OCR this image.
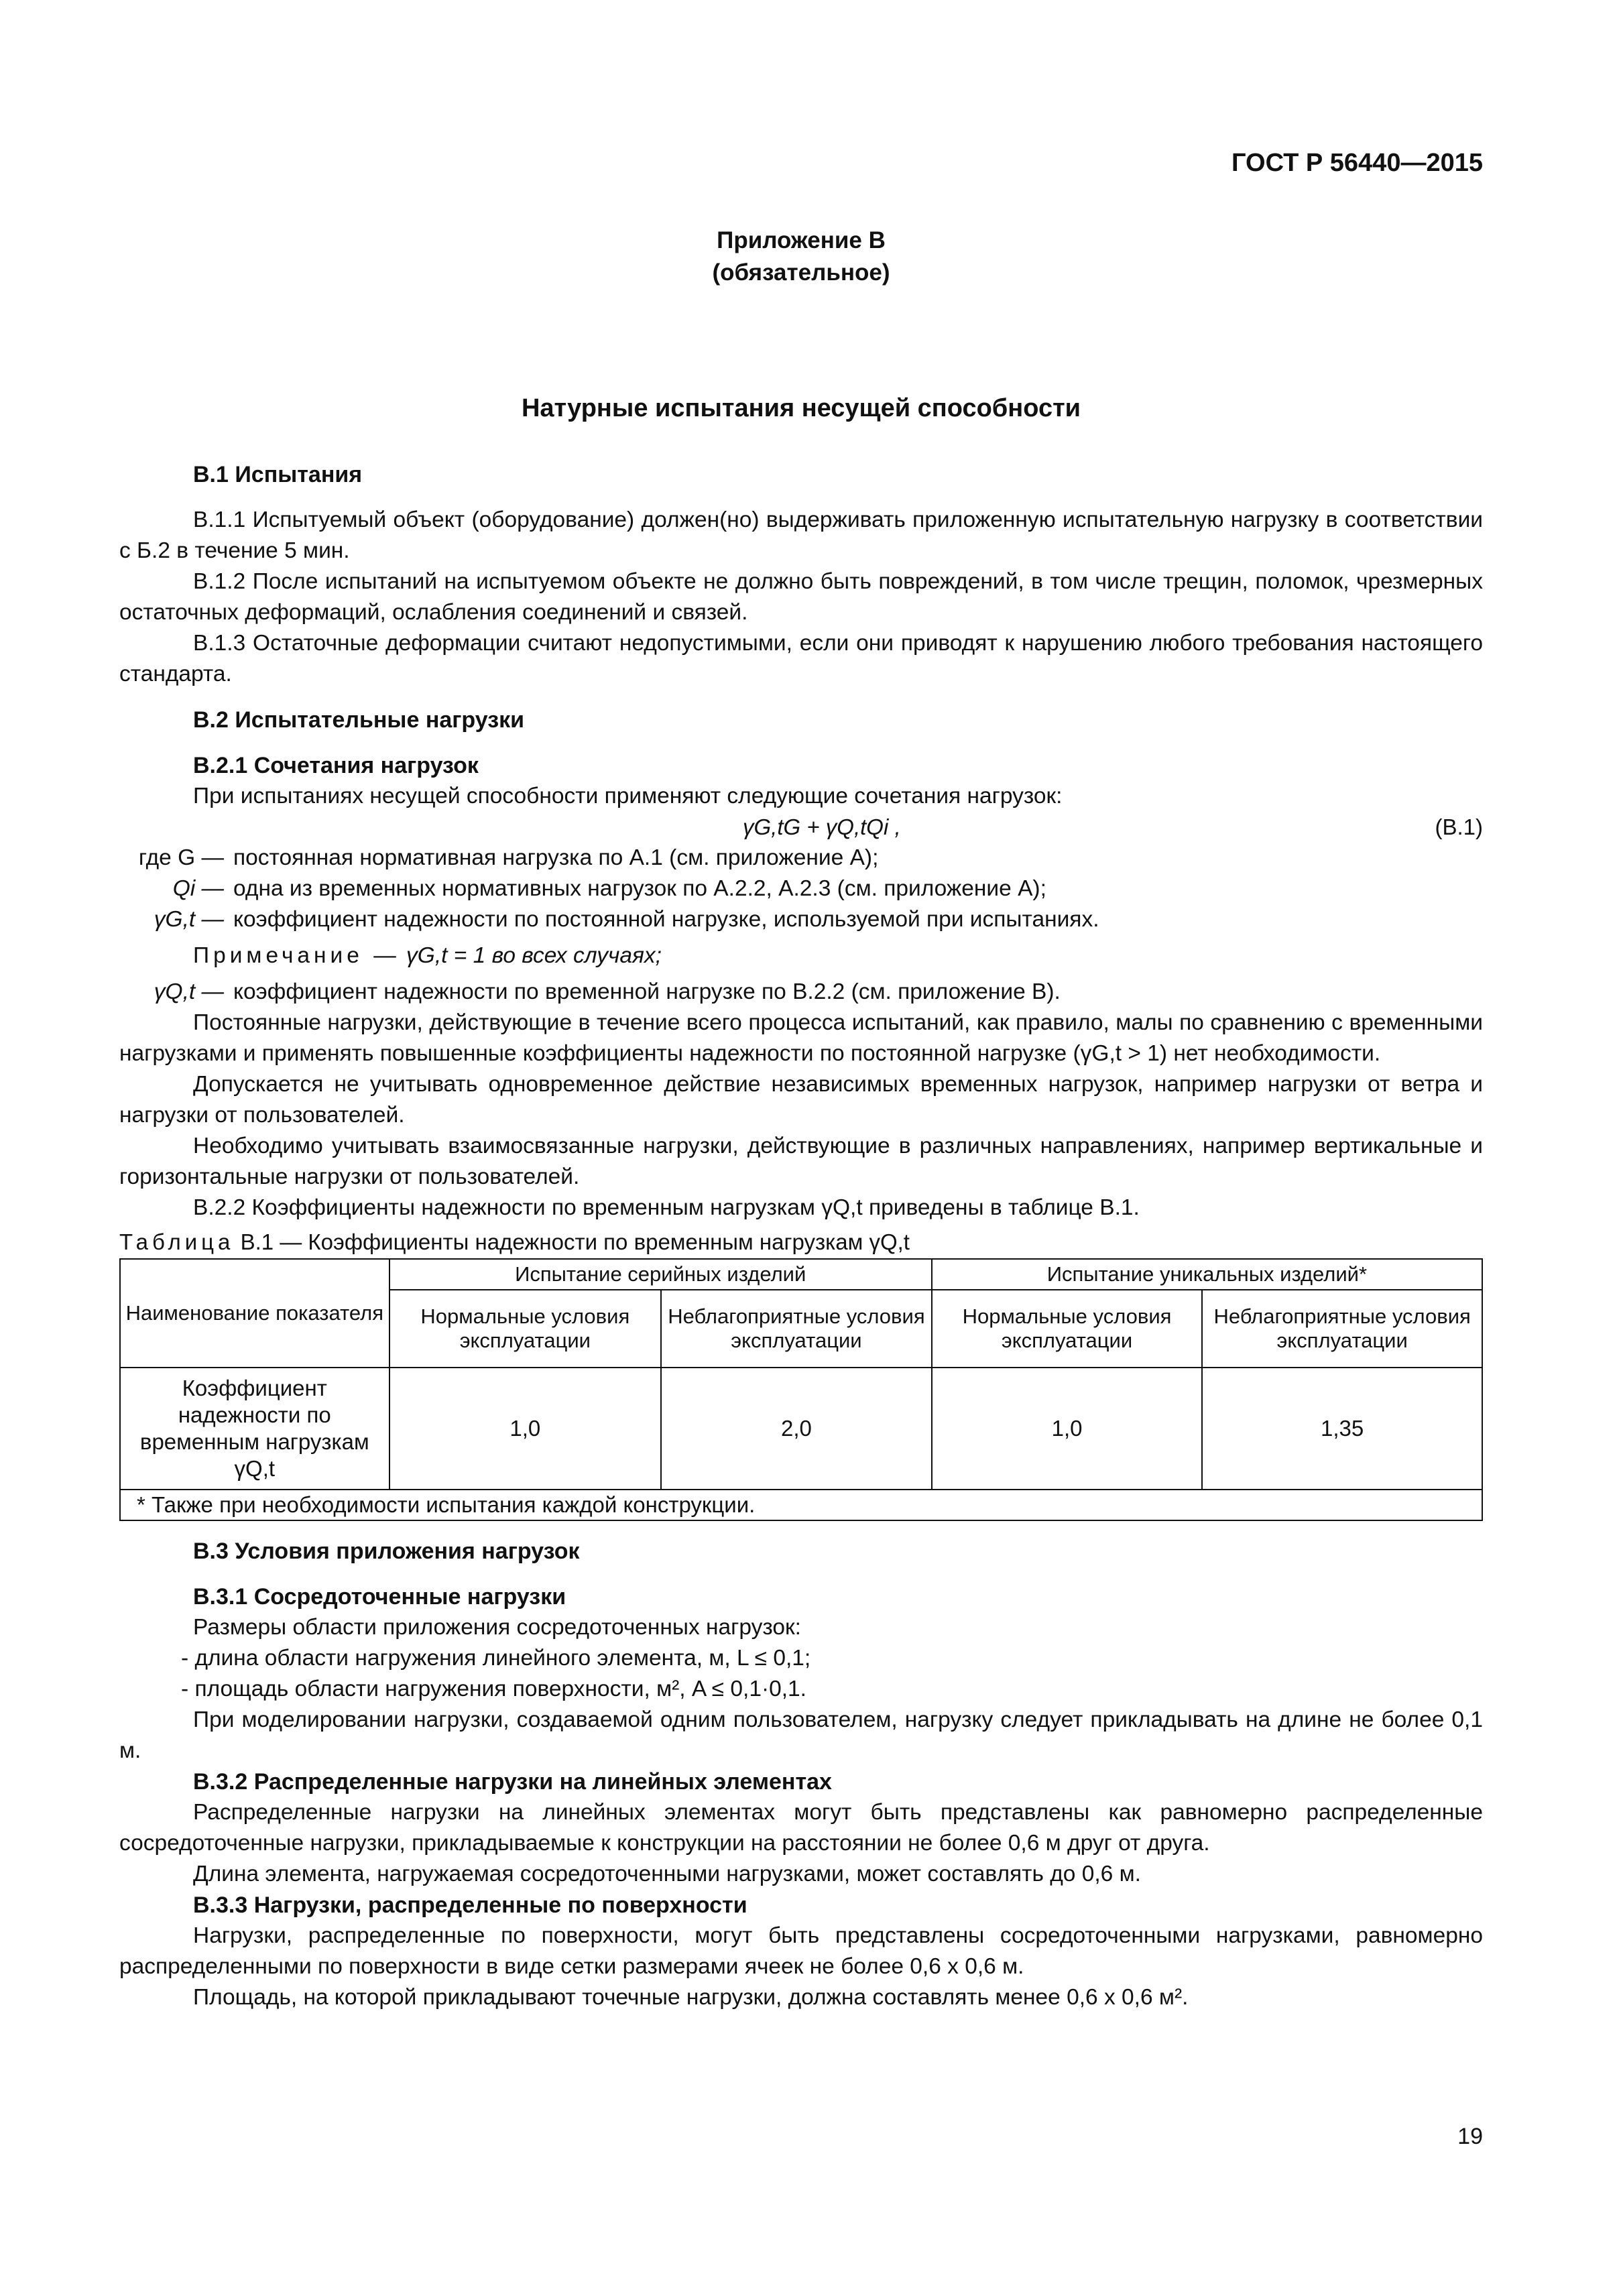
ГОСТ Р 56440—2015
Приложение В
(обязательное)
Натурные испытания несущей способности
В.1 Испытания

В.1.1 Испытуемый объект (оборудование) должен(но) выдерживать приложенную испытательную нагрузку в соответствии с Б.2 в течение 5 мин.

В.1.2 После испытаний на испытуемом объекте не должно быть повреждений, в том числе трещин, поломок, чрезмерных остаточных деформаций, ослабления соединений и связей.

В.1.3 Остаточные деформации считают недопустимыми, если они приводят к нарушению любого требования настоящего стандарта.

В.2 Испытательные нагрузки
В.2.1 Сочетания нагрузок

При испытаниях несущей способности применяют следующие сочетания нагрузок:

γG,tG + γQ,tQi ,	(В.1)
где G — постоянная нормативная нагрузка по А.1 (см. приложение А);
Qi — одна из временных нормативных нагрузок по А.2.2, А.2.3 (см. приложение А);
γG,t — коэффициент надежности по постоянной нагрузке, используемой при испытаниях.
Примечание — γG,t = 1 во всех случаях;
γQ,t — коэффициент надежности по временной нагрузке по В.2.2 (см. приложение В).

Постоянные нагрузки, действующие в течение всего процесса испытаний, как правило, малы по сравнению с временными нагрузками и применять повышенные коэффициенты надежности по постоянной нагрузке (γG,t > 1) нет необходимости.

Допускается не учитывать одновременное действие независимых временных нагрузок, например нагрузки от ветра и нагрузки от пользователей.

Необходимо учитывать взаимосвязанные нагрузки, действующие в различных направлениях, например вертикальные и горизонтальные нагрузки от пользователей.

В.2.2 Коэффициенты надежности по временным нагрузкам γQ,t приведены в таблице В.1.

Таблица В.1 — Коэффициенты надежности по временным нагрузкам γQ,t
Наименование показателя	Испытание серийных изделий		Испытание уникальных изделий*	
	Нормальные условия эксплуатации	Неблагоприятные условия эксплуатации	Нормальные условия эксплуатации	Неблагоприятные условия эксплуатации
Коэффициент надежности по временным нагрузкам γQ,t	1,0	2,0	1,0	1,35
* Также при необходимости испытания каждой конструкции.				
В.3 Условия приложения нагрузок
В.3.1 Сосредоточенные нагрузки

Размеры области приложения сосредоточенных нагрузок:

- длина области нагружения линейного элемента, м, L ≤ 0,1;

- площадь области нагружения поверхности, м², A ≤ 0,1·0,1.

При моделировании нагрузки, создаваемой одним пользователем, нагрузку следует прикладывать на длине не более 0,1 м.

В.3.2 Распределенные нагрузки на линейных элементах

Распределенные нагрузки на линейных элементах могут быть представлены как равномерно распределенные сосредоточенные нагрузки, прикладываемые к конструкции на расстоянии не более 0,6 м друг от друга.

Длина элемента, нагружаемая сосредоточенными нагрузками, может составлять до 0,6 м.

В.3.3 Нагрузки, распределенные по поверхности

Нагрузки, распределенные по поверхности, могут быть представлены сосредоточенными нагрузками, равномерно распределенными по поверхности в виде сетки размерами ячеек не более 0,6 х 0,6 м.

Площадь, на которой прикладывают точечные нагрузки, должна составлять менее 0,6 х 0,6 м².

19
